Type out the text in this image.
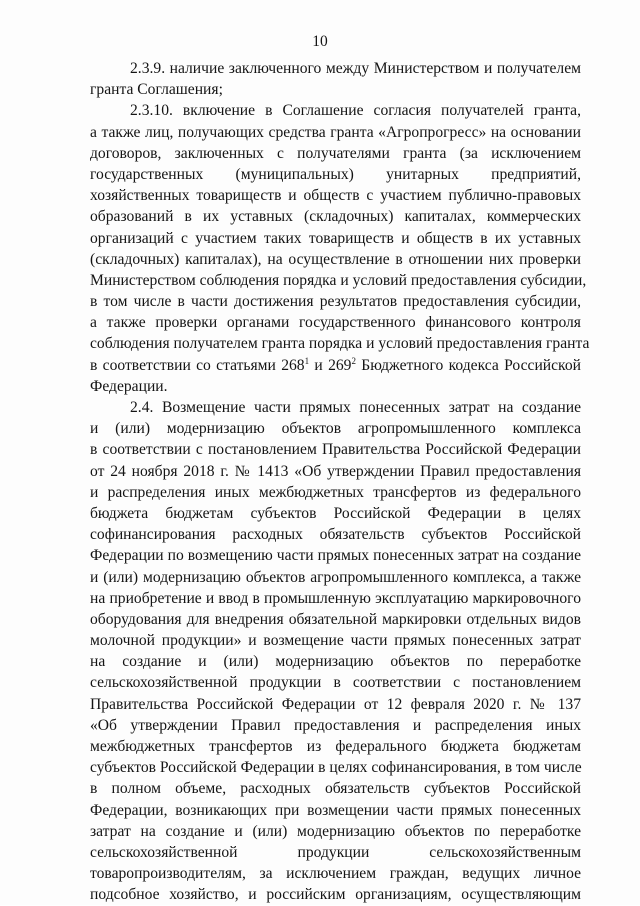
10
2.3.9. наличие заключенного между Министерством и получателем
гранта Соглашения;
2.3.10. включение в Соглашение согласия получателей гранта,
а также лиц, получающих средства гранта «Агропрогресс» на основании
договоров, заключенных с получателями гранта (за исключением
государственных (муниципальных) унитарных предприятий,
хозяйственных товариществ и обществ с участием публично-правовых
образований в их уставных (складочных) капиталах, коммерческих
организаций с участием таких товариществ и обществ в их уставных
(складочных) капиталах), на осуществление в отношении них проверки
Министерством соблюдения порядка и условий предоставления субсидии,
в том числе в части достижения результатов предоставления субсидии,
а также проверки органами государственного финансового контроля
соблюдения получателем гранта порядка и условий предоставления гранта
в соответствии со статьями $268^1$ и $269^2$ Бюджетного кодекса Российской
Федерации.
2.4. Возмещение части прямых понесенных затрат на создание
и (или) модернизацию объектов агропромышленного комплекса
в соответствии с постановлением Правительства Российской Федерации
от 24 ноября 2018 г. № 1413 «Об утверждении Правил предоставления
и распределения иных межбюджетных трансфертов из федерального
бюджета бюджетам субъектов Российской Федерации в целях
софинансирования расходных обязательств субъектов Российской
Федерации по возмещению части прямых понесенных затрат на создание
и (или) модернизацию объектов агропромышленного комплекса, а также
на приобретение и ввод в промышленную эксплуатацию маркировочного
оборудования для внедрения обязательной маркировки отдельных видов
молочной продукции» и возмещение части прямых понесенных затрат
на создание и (или) модернизацию объектов по переработке
сельскохозяйственной продукции в соответствии с постановлением
Правительства Российской Федерации от 12 февраля 2020 г. № 137
«Об утверждении Правил предоставления и распределения иных
межбюджетных трансфертов из федерального бюджета бюджетам
субъектов Российской Федерации в целях софинансирования, в том числе
в полном объеме, расходных обязательств субъектов Российской
Федерации, возникающих при возмещении части прямых понесенных
затрат на создание и (или) модернизацию объектов по переработке
сельскохозяйственной продукции сельскохозяйственным
товаропроизводителям, за исключением граждан, ведущих личное
подсобное хозяйство, и российским организациям, осуществляющим
